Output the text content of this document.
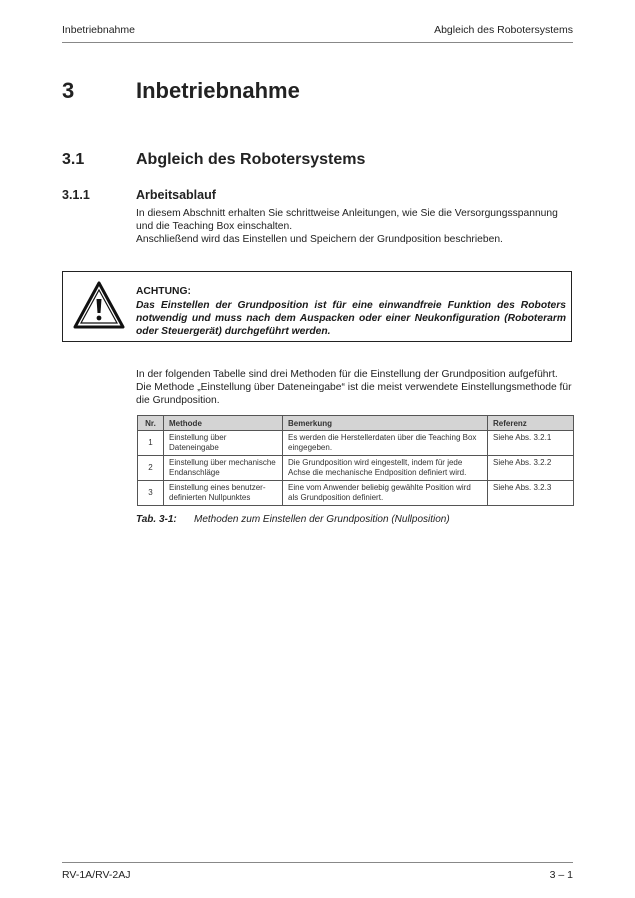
Inbetriebnahme	Abgleich des Robotersystems
3	Inbetriebnahme
3.1	Abgleich des Robotersystems
3.1.1	Arbeitsablauf

In diesem Abschnitt erhalten Sie schrittweise Anleitungen, wie Sie die Versorgungsspannung und die Teaching Box einschalten.

Anschließend wird das Einstellen und Speichern der Grundposition beschrieben.

ACHTUNG:
Das Einstellen der Grundposition ist für eine einwandfreie Funktion des Roboters notwendig und muss nach dem Auspacken oder einer Neukonfiguration (Roboterarm oder Steuergerät) durchgeführt werden.

In der folgenden Tabelle sind drei Methoden für die Einstellung der Grundposition aufgeführt.

Die Methode „Einstellung über Dateneingabe“ ist die meist verwendete Einstellungsmethode für die Grundposition.

Nr.	Methode	Bemerkung	Referenz
1	Einstellung über Dateneingabe	Es werden die Herstellerdaten über die Teaching Box eingegeben.	Siehe Abs. 3.2.1
2	Einstellung über mechanische Endanschläge	Die Grundposition wird eingestellt, indem für jede Achse die mechanische Endposition definiert wird.	Siehe Abs. 3.2.2
3	Einstellung eines benutzer-definierten Nullpunktes	Eine vom Anwender beliebig gewählte Position wird als Grundposition definiert.	Siehe Abs. 3.2.3
Tab. 3-1: Methoden zum Einstellen der Grundposition (Nullposition)
RV-1A/RV-2AJ	3 – 1
